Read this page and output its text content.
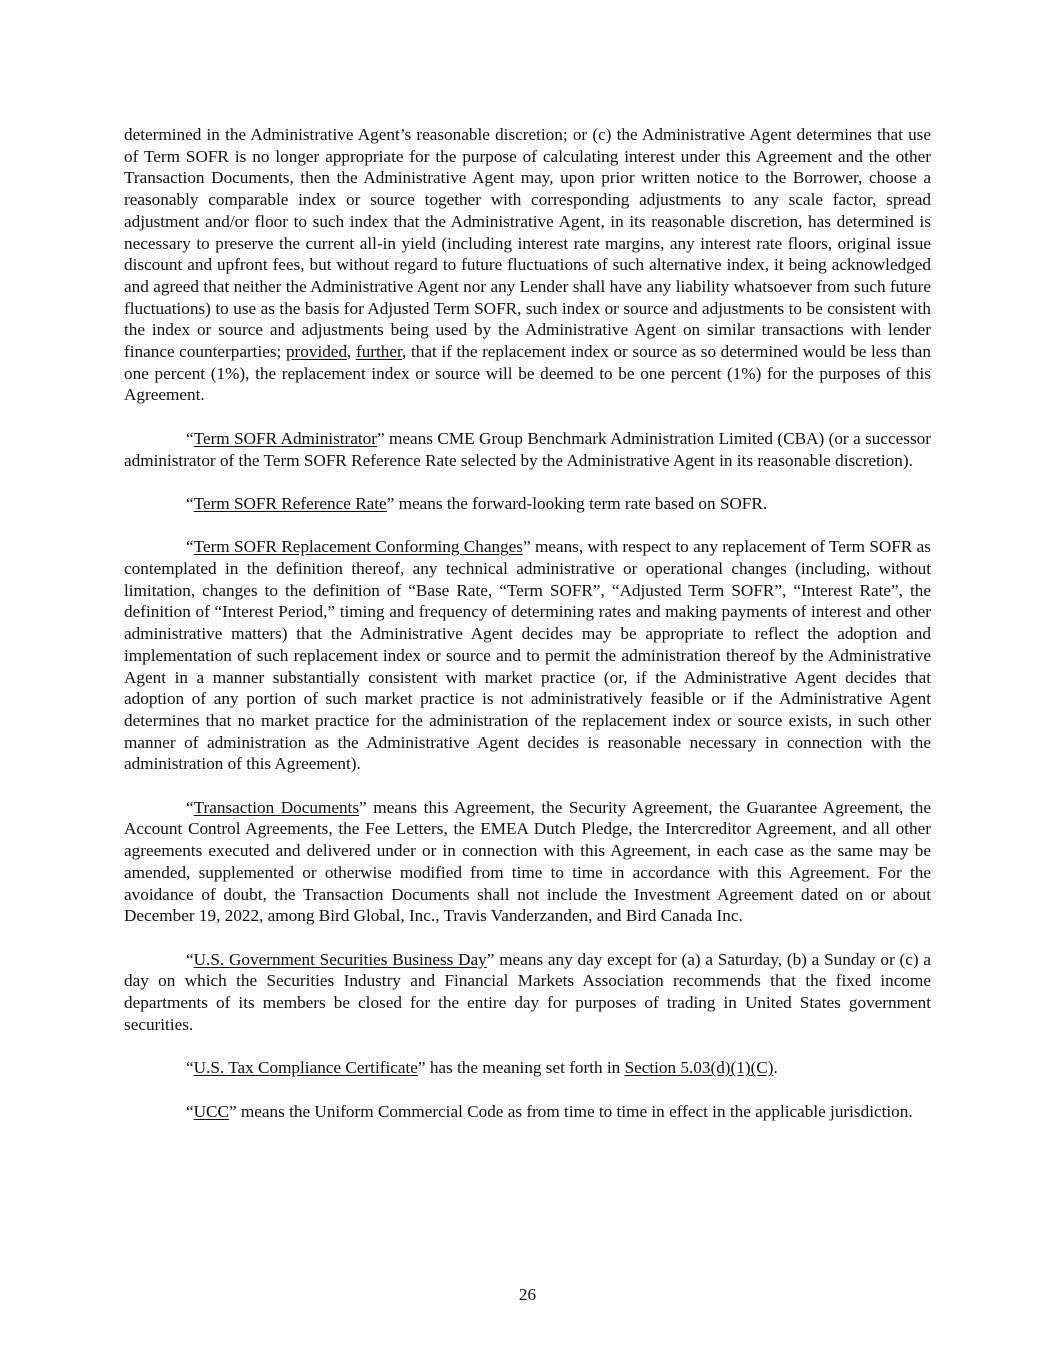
determined in the Administrative Agent’s reasonable discretion; or (c) the Administrative Agent determines that use of Term SOFR is no longer appropriate for the purpose of calculating interest under this Agreement and the other Transaction Documents, then the Administrative Agent may, upon prior written notice to the Borrower, choose a reasonably comparable index or source together with corresponding adjustments to any scale factor, spread adjustment and/or floor to such index that the Administrative Agent, in its reasonable discretion, has determined is necessary to preserve the current all-in yield (including interest rate margins, any interest rate floors, original issue discount and upfront fees, but without regard to future fluctuations of such alternative index, it being acknowledged and agreed that neither the Administrative Agent nor any Lender shall have any liability whatsoever from such future fluctuations) to use as the basis for Adjusted Term SOFR, such index or source and adjustments to be consistent with the index or source and adjustments being used by the Administrative Agent on similar transactions with lender finance counterparties; provided, further, that if the replacement index or source as so determined would be less than one percent (1%), the replacement index or source will be deemed to be one percent (1%) for the purposes of this Agreement.

“Term SOFR Administrator” means CME Group Benchmark Administration Limited (CBA) (or a successor administrator of the Term SOFR Reference Rate selected by the Administrative Agent in its reasonable discretion).

“Term SOFR Reference Rate” means the forward-looking term rate based on SOFR.

“Term SOFR Replacement Conforming Changes” means, with respect to any replacement of Term SOFR as contemplated in the definition thereof, any technical administrative or operational changes (including, without limitation, changes to the definition of “Base Rate, “Term SOFR”, “Adjusted Term SOFR”, “Interest Rate”, the definition of “Interest Period,” timing and frequency of determining rates and making payments of interest and other administrative matters) that the Administrative Agent decides may be appropriate to reflect the adoption and implementation of such replacement index or source and to permit the administration thereof by the Administrative Agent in a manner substantially consistent with market practice (or, if the Administrative Agent decides that adoption of any portion of such market practice is not administratively feasible or if the Administrative Agent determines that no market practice for the administration of the replacement index or source exists, in such other manner of administration as the Administrative Agent decides is reasonable necessary in connection with the administration of this Agreement).

“Transaction Documents” means this Agreement, the Security Agreement, the Guarantee Agreement, the Account Control Agreements, the Fee Letters, the EMEA Dutch Pledge, the Intercreditor Agreement, and all other agreements executed and delivered under or in connection with this Agreement, in each case as the same may be amended, supplemented or otherwise modified from time to time in accordance with this Agreement. For the avoidance of doubt, the Transaction Documents shall not include the Investment Agreement dated on or about December 19, 2022, among Bird Global, Inc., Travis Vanderzanden, and Bird Canada Inc.

“U.S. Government Securities Business Day” means any day except for (a) a Saturday, (b) a Sunday or (c) a day on which the Securities Industry and Financial Markets Association recommends that the fixed income departments of its members be closed for the entire day for purposes of trading in United States government securities.

“U.S. Tax Compliance Certificate” has the meaning set forth in Section 5.03(d)(1)(C).

“UCC” means the Uniform Commercial Code as from time to time in effect in the applicable jurisdiction.

26
